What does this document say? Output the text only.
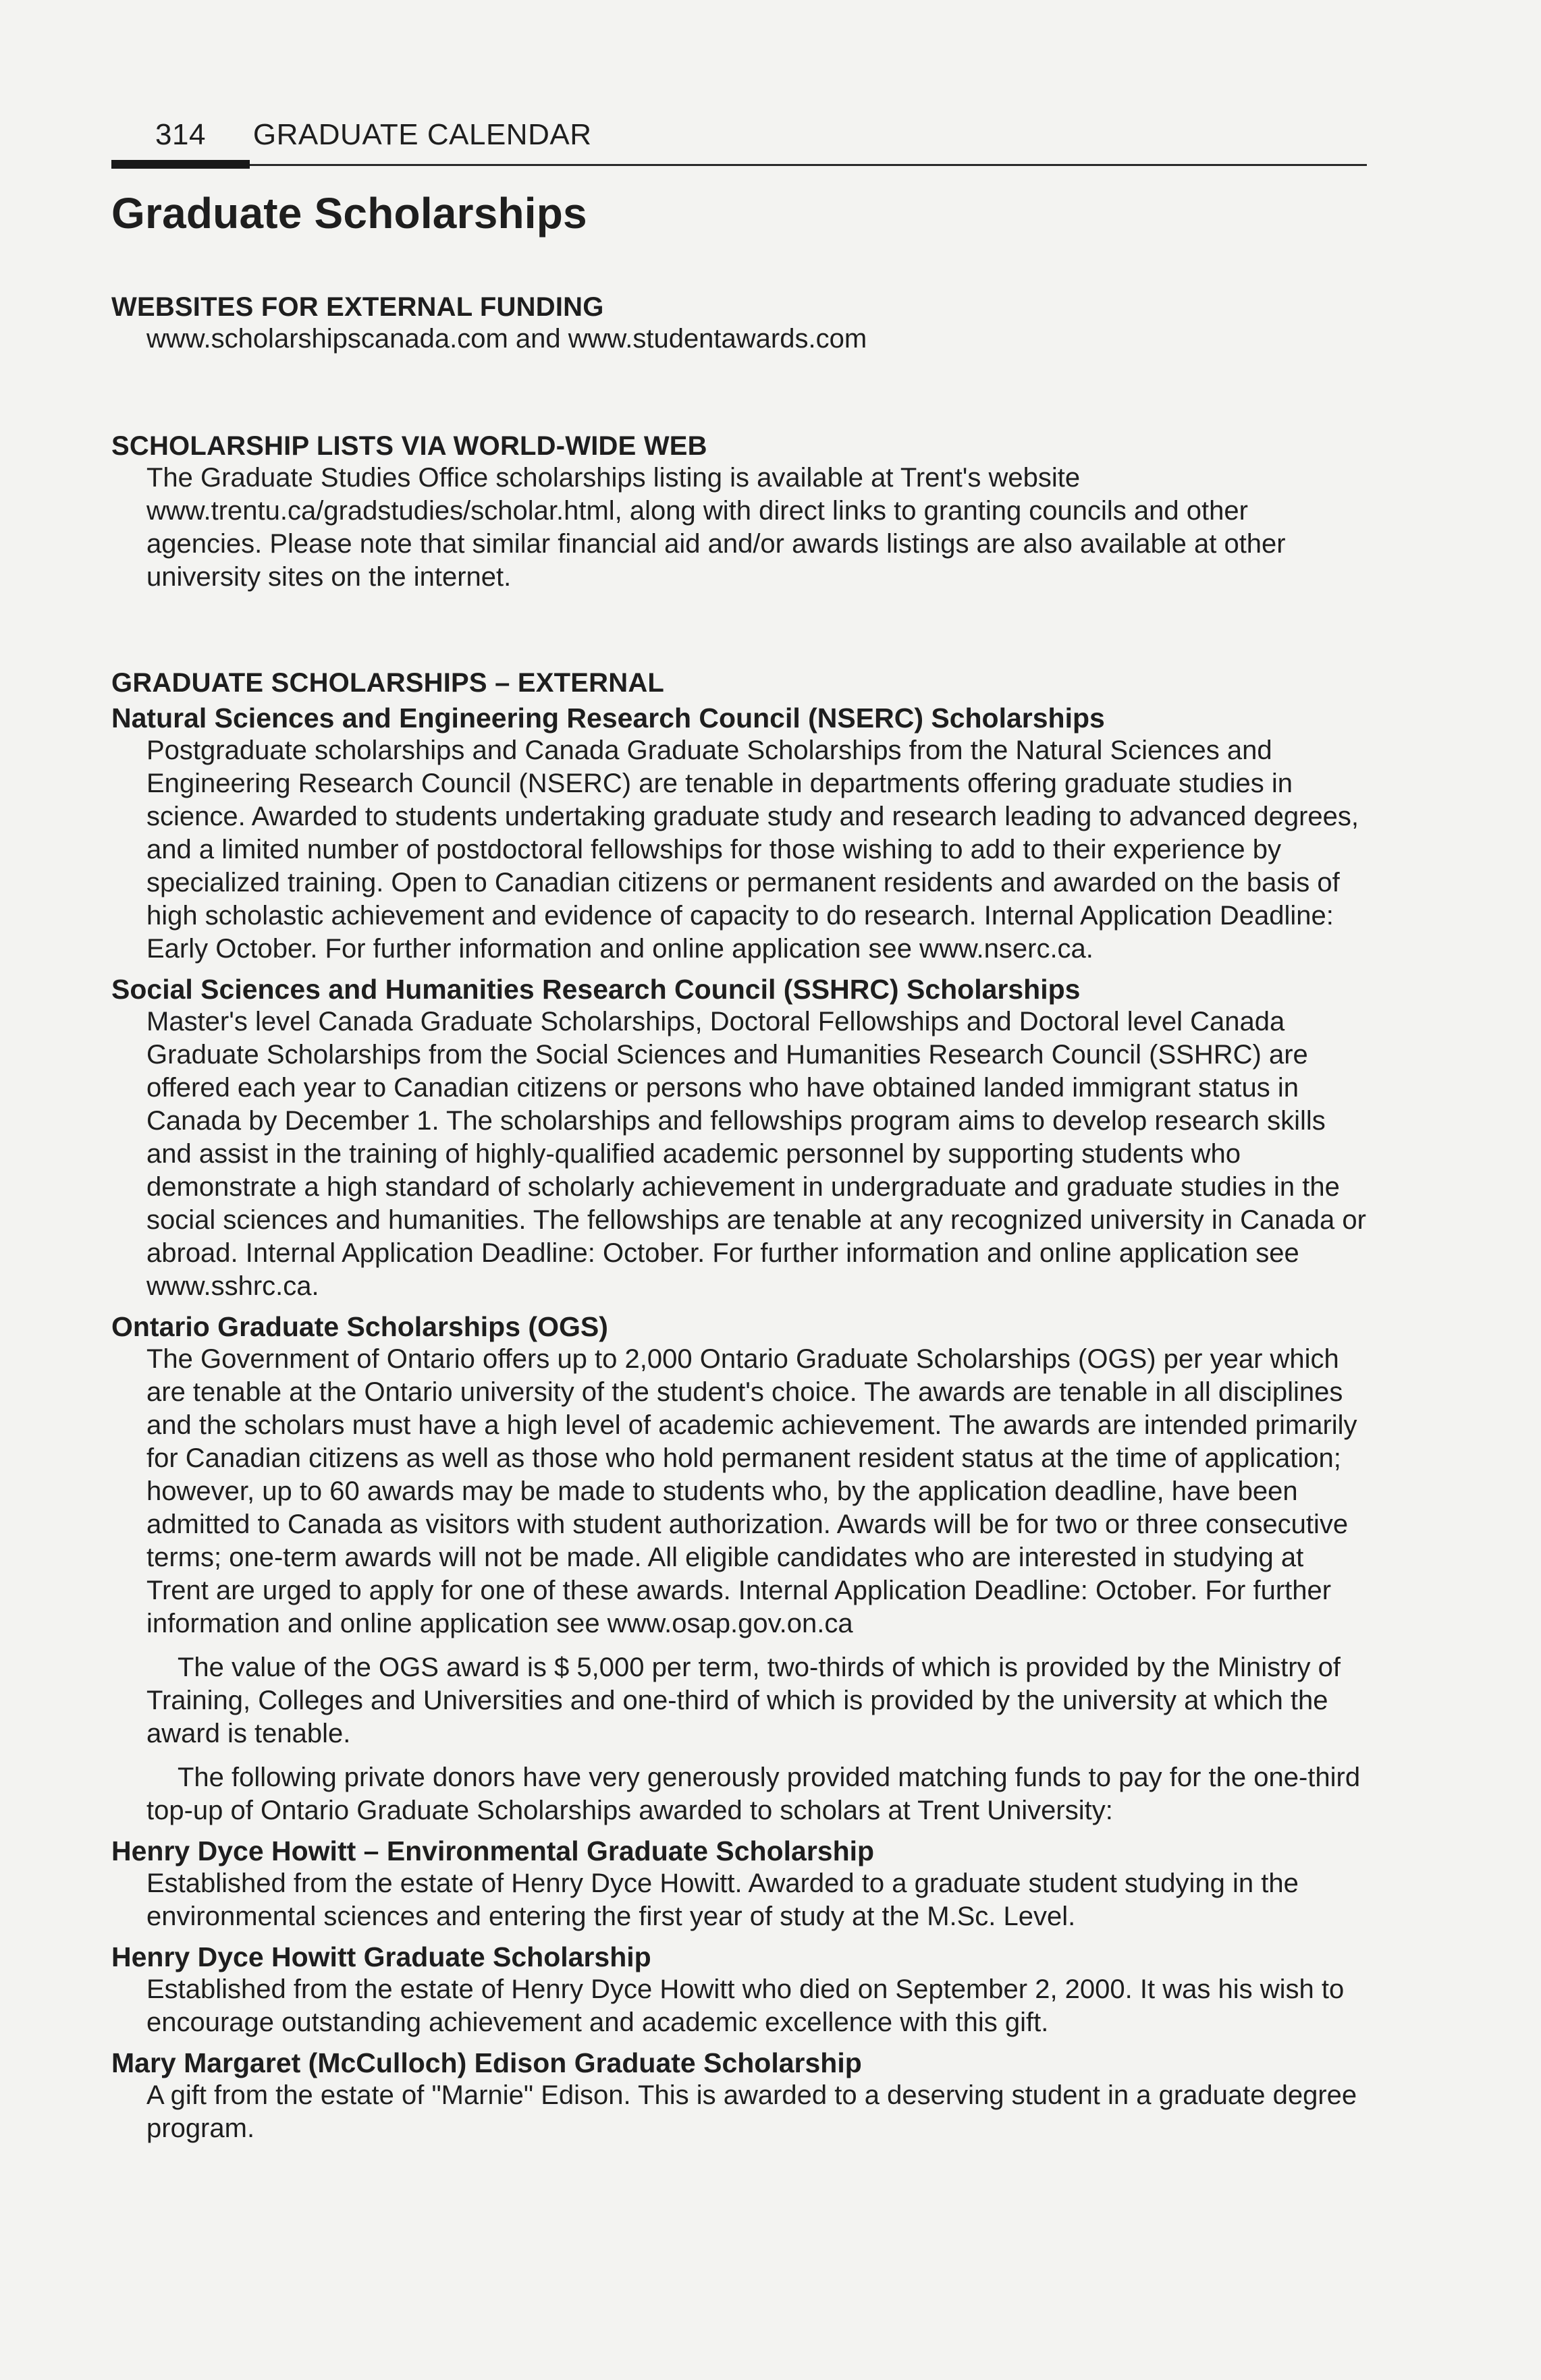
314 GRADUATE CALENDAR
Graduate Scholarships

WEBSITES FOR EXTERNAL FUNDING

www.scholarshipscanada.com and www.studentawards.com

SCHOLARSHIP LISTS VIA WORLD-WIDE WEB

The Graduate Studies Office scholarships listing is available at Trent's website www.trentu.ca/gradstudies/scholar.html, along with direct links to granting councils and other agencies. Please note that similar financial aid and/or awards listings are also available at other university sites on the internet.

GRADUATE SCHOLARSHIPS – EXTERNAL

Natural Sciences and Engineering Research Council (NSERC) Scholarships

Postgraduate scholarships and Canada Graduate Scholarships from the Natural Sciences and Engineering Research Council (NSERC) are tenable in departments offering graduate studies in science. Awarded to students undertaking graduate study and research leading to advanced degrees, and a limited number of postdoctoral fellowships for those wishing to add to their experience by specialized training. Open to Canadian citizens or permanent residents and awarded on the basis of high scholastic achievement and evidence of capacity to do research. Internal Application Deadline: Early October. For further information and online application see www.nserc.ca.

Social Sciences and Humanities Research Council (SSHRC) Scholarships

Master's level Canada Graduate Scholarships, Doctoral Fellowships and Doctoral level Canada Graduate Scholarships from the Social Sciences and Humanities Research Council (SSHRC) are offered each year to Canadian citizens or persons who have obtained landed immigrant status in Canada by December 1. The scholarships and fellowships program aims to develop research skills and assist in the training of highly-qualified academic personnel by supporting students who demonstrate a high standard of scholarly achievement in undergraduate and graduate studies in the social sciences and humanities. The fellowships are tenable at any recognized university in Canada or abroad. Internal Application Deadline: October. For further information and online application see www.sshrc.ca.

Ontario Graduate Scholarships (OGS)

The Government of Ontario offers up to 2,000 Ontario Graduate Scholarships (OGS) per year which are tenable at the Ontario university of the student's choice. The awards are tenable in all disciplines and the scholars must have a high level of academic achievement. The awards are intended primarily for Canadian citizens as well as those who hold permanent resident status at the time of application; however, up to 60 awards may be made to students who, by the application deadline, have been admitted to Canada as visitors with student authorization. Awards will be for two or three consecutive terms; one-term awards will not be made. All eligible candidates who are interested in studying at Trent are urged to apply for one of these awards. Internal Application Deadline: October. For further information and online application see www.osap.gov.on.ca

The value of the OGS award is $ 5,000 per term, two-thirds of which is provided by the Ministry of Training, Colleges and Universities and one-third of which is provided by the university at which the award is tenable.

The following private donors have very generously provided matching funds to pay for the one-third top-up of Ontario Graduate Scholarships awarded to scholars at Trent University:

Henry Dyce Howitt – Environmental Graduate Scholarship

Established from the estate of Henry Dyce Howitt. Awarded to a graduate student studying in the environmental sciences and entering the first year of study at the M.Sc. Level.

Henry Dyce Howitt Graduate Scholarship

Established from the estate of Henry Dyce Howitt who died on September 2, 2000. It was his wish to encourage outstanding achievement and academic excellence with this gift.

Mary Margaret (McCulloch) Edison Graduate Scholarship

A gift from the estate of "Marnie" Edison. This is awarded to a deserving student in a graduate degree program.
